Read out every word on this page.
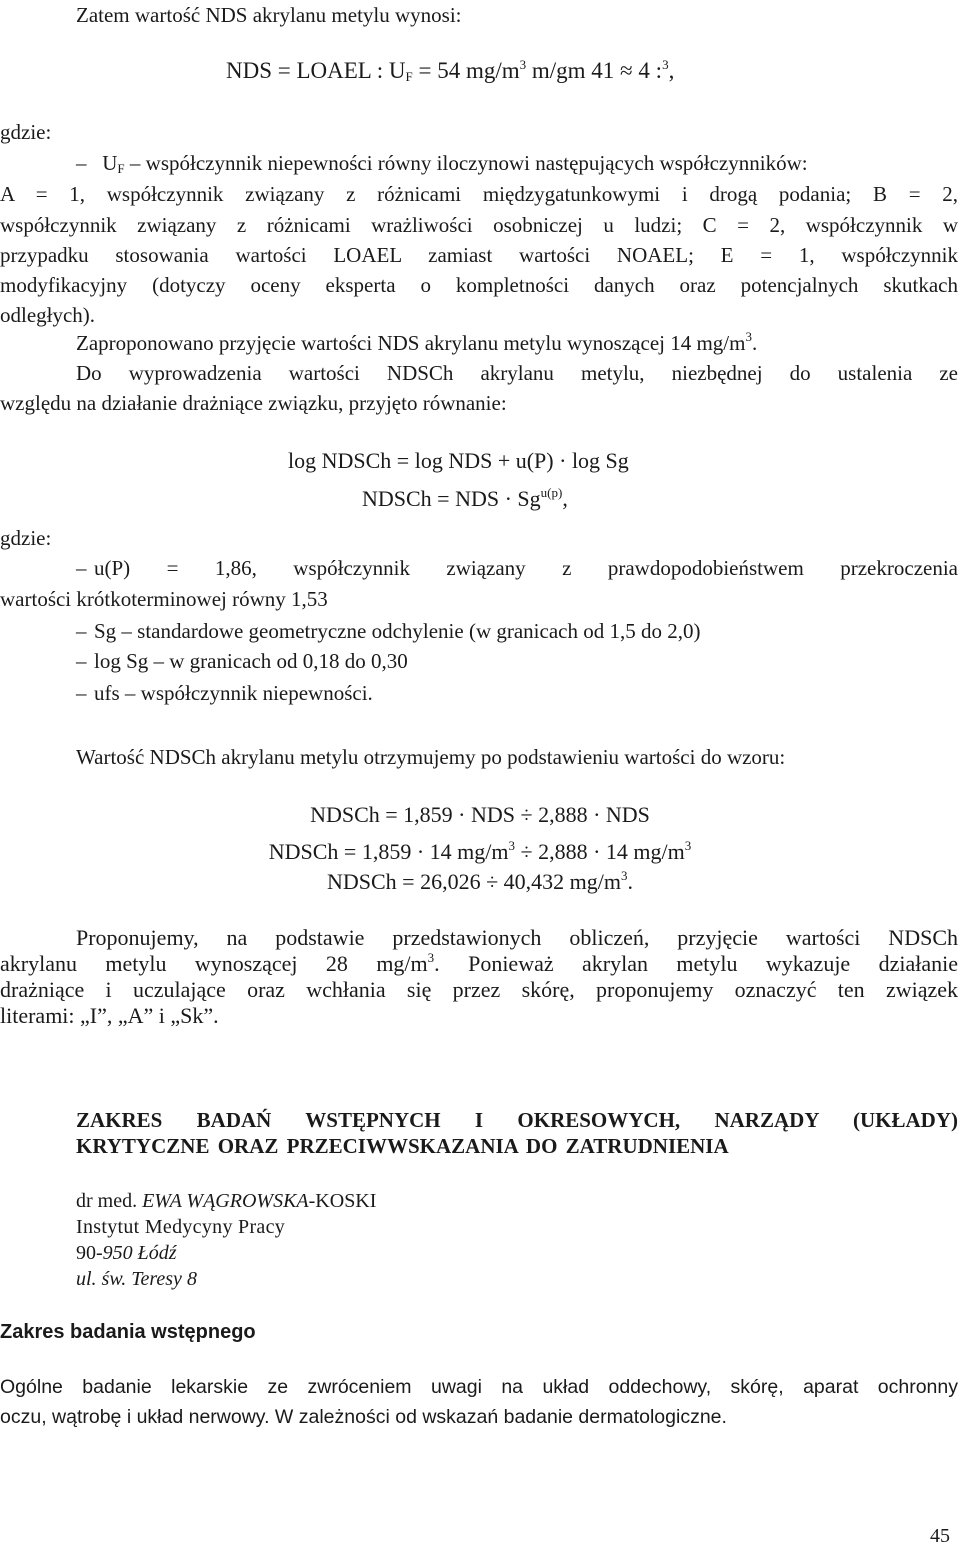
Zatem wartość NDS akrylanu metylu wynosi:
NDS = LOAEL : $U_F = 54$ $mg/m^3$ m/gm 41 ≈ 4 :$^3$,
gdzie:
– $U_F$ – współczynnik niepewności równy iloczynowi następujących współczynników:
A = 1, współczynnik związany z różnicami międzygatunkowymi i drogą podania; B = 2,
współczynnik związany z różnicami wrażliwości osobniczej u ludzi; C = 2, współczynnik w
przypadku stosowania wartości LOAEL zamiast wartości NOAEL; E = 1, współczynnik
modyfikacyjny (dotyczy oceny eksperta o kompletności danych oraz potencjalnych skutkach
odległych).
Zaproponowano przyjęcie wartości NDS akrylanu metylu wynoszącej 14 $mg/m^3$.
Do wyprowadzenia wartości NDSCh akrylanu metylu, niezbędnej do ustalenia ze
względu na działanie drażniące związku, przyjęto równanie:
log NDSCh = log NDS + u(P) · log Sg
NDSCh = NDS · $Sg^{u(p)}$,
gdzie:
– u(P) = 1,86, współczynnik związany z prawdopodobieństwem przekroczenia
wartości krótkoterminowej równy 1,53
– Sg – standardowe geometryczne odchylenie (w granicach od 1,5 do 2,0)
– log Sg – w granicach od 0,18 do 0,30
– ufs – współczynnik niepewności.
Wartość NDSCh akrylanu metylu otrzymujemy po podstawieniu wartości do wzoru:
NDSCh = 1,859 · NDS ÷ 2,888 · NDS
NDSCh = 1,859 · 14 $mg/m^3 \div 2,888 \cdot 14$ $mg/m^3$
NDSCh = 26,026 ÷ 40,432 $mg/m^3$.
Proponujemy, na podstawie przedstawionych obliczeń, przyjęcie wartości NDSCh
akrylanu metylu wynoszącej 28 $mg/m^3$. Ponieważ akrylan metylu wykazuje działanie
drażniące i uczulające oraz wchłania się przez skórę, proponujemy oznaczyć ten związek
literami: „I”, „A” i „Sk”.
ZAKRES BADAŃ WSTĘPNYCH I OKRESOWYCH, NARZĄDY (UKŁADY)
KRYTYCZNE ORAZ PRZECIWWSKAZANIA DO ZATRUDNIENIA
dr med. EWA WĄGROWSKA-KOSKI
Instytut Medycyny Pracy
90-950 Łódź
ul. św. Teresy 8
Zakres badania wstępnego
Ogólne badanie lekarskie ze zwróceniem uwagi na układ oddechowy, skórę, aparat ochronny
oczu, wątrobę i układ nerwowy. W zależności od wskazań badanie dermatologiczne.
45
